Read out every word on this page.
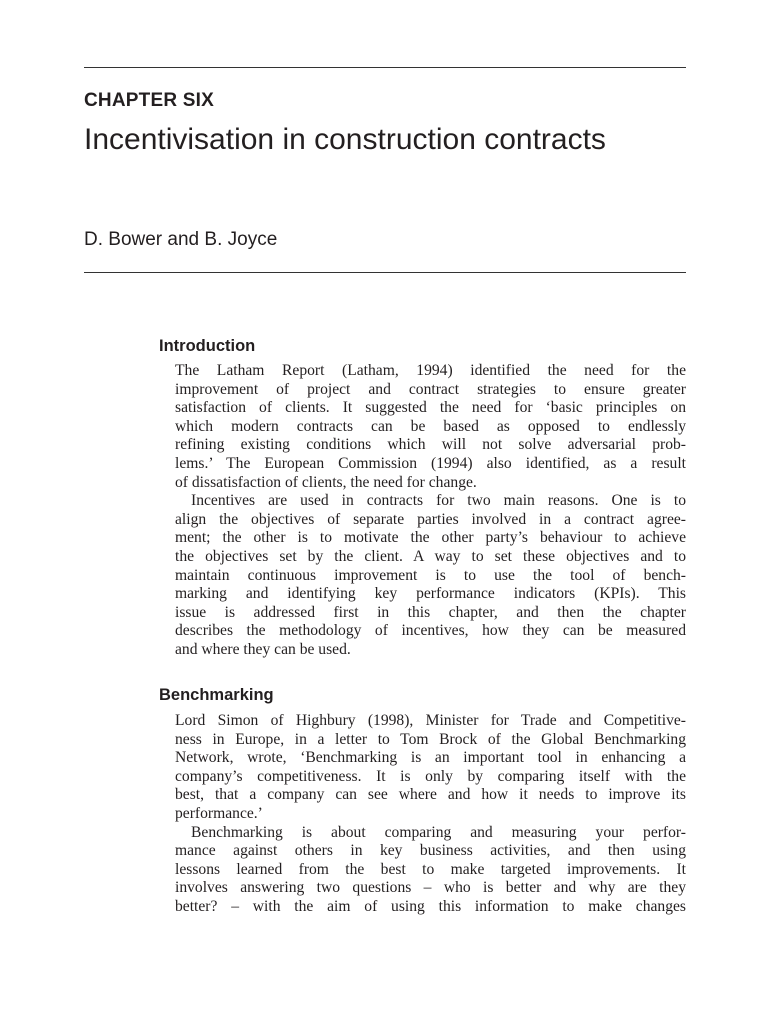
CHAPTER SIX
Incentivisation in construction contracts
D. Bower and B. Joyce
Introduction
The Latham Report (Latham, 1994) identified the need for the
improvement of project and contract strategies to ensure greater
satisfaction of clients. It suggested the need for ‘basic principles on
which modern contracts can be based as opposed to endlessly
refining existing conditions which will not solve adversarial prob-
lems.’ The European Commission (1994) also identified, as a result
of dissatisfaction of clients, the need for change.
Incentives are used in contracts for two main reasons. One is to
align the objectives of separate parties involved in a contract agree-
ment; the other is to motivate the other party’s behaviour to achieve
the objectives set by the client. A way to set these objectives and to
maintain continuous improvement is to use the tool of bench-
marking and identifying key performance indicators (KPIs). This
issue is addressed first in this chapter, and then the chapter
describes the methodology of incentives, how they can be measured
and where they can be used.
Benchmarking
Lord Simon of Highbury (1998), Minister for Trade and Competitive-
ness in Europe, in a letter to Tom Brock of the Global Benchmarking
Network, wrote, ‘Benchmarking is an important tool in enhancing a
company’s competitiveness. It is only by comparing itself with the
best, that a company can see where and how it needs to improve its
performance.’
Benchmarking is about comparing and measuring your perfor-
mance against others in key business activities, and then using
lessons learned from the best to make targeted improvements. It
involves answering two questions – who is better and why are they
better? – with the aim of using this information to make changes
